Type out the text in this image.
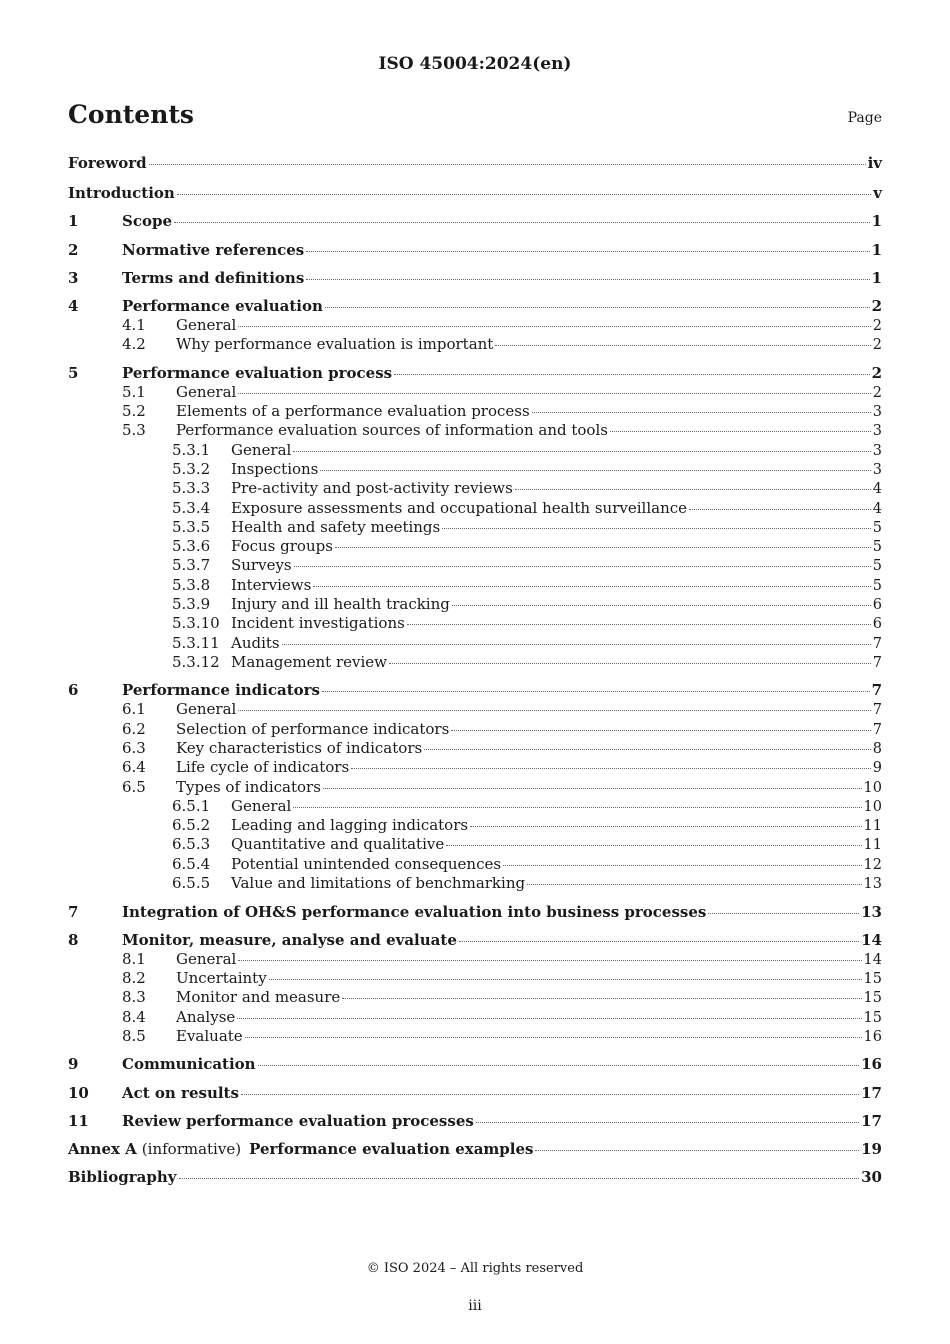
ISO 45004:2024(en)
Contents	Page
Foreword	iv
Introduction	v
1	Scope	1
2	Normative references	1
3	Terms and definitions	1
4	Performance evaluation	2
4.1	General	2
4.2	Why performance evaluation is important	2
5	Performance evaluation process	2
5.1	General	2
5.2	Elements of a performance evaluation process	3
5.3	Performance evaluation sources of information and tools	3
5.3.1	General	3
5.3.2	Inspections	3
5.3.3	Pre-activity and post-activity reviews	4
5.3.4	Exposure assessments and occupational health surveillance	4
5.3.5	Health and safety meetings	5
5.3.6	Focus groups	5
5.3.7	Surveys	5
5.3.8	Interviews	5
5.3.9	Injury and ill health tracking	6
5.3.10 Incident investigations	6
5.3.11 Audits	7
5.3.12 Management review	7
6	Performance indicators	7
6.1	General	7
6.2	Selection of performance indicators	7
6.3	Key characteristics of indicators	8
6.4	Life cycle of indicators	9
6.5	Types of indicators	10
6.5.1	General	10
6.5.2	Leading and lagging indicators	11
6.5.3	Quantitative and qualitative	11
6.5.4	Potential unintended consequences	12
6.5.5	Value and limitations of benchmarking	13
7	Integration of OH&S performance evaluation into business processes	13
8	Monitor, measure, analyse and evaluate	14
8.1	General	14
8.2	Uncertainty	15
8.3	Monitor and measure	15
8.4	Analyse	15
8.5	Evaluate	16
9	Communication	16
10	Act on results	17
11	Review performance evaluation processes	17
Annex A (informative) Performance evaluation examples	19
Bibliography	30
© ISO 2024 – All rights reserved
iii
